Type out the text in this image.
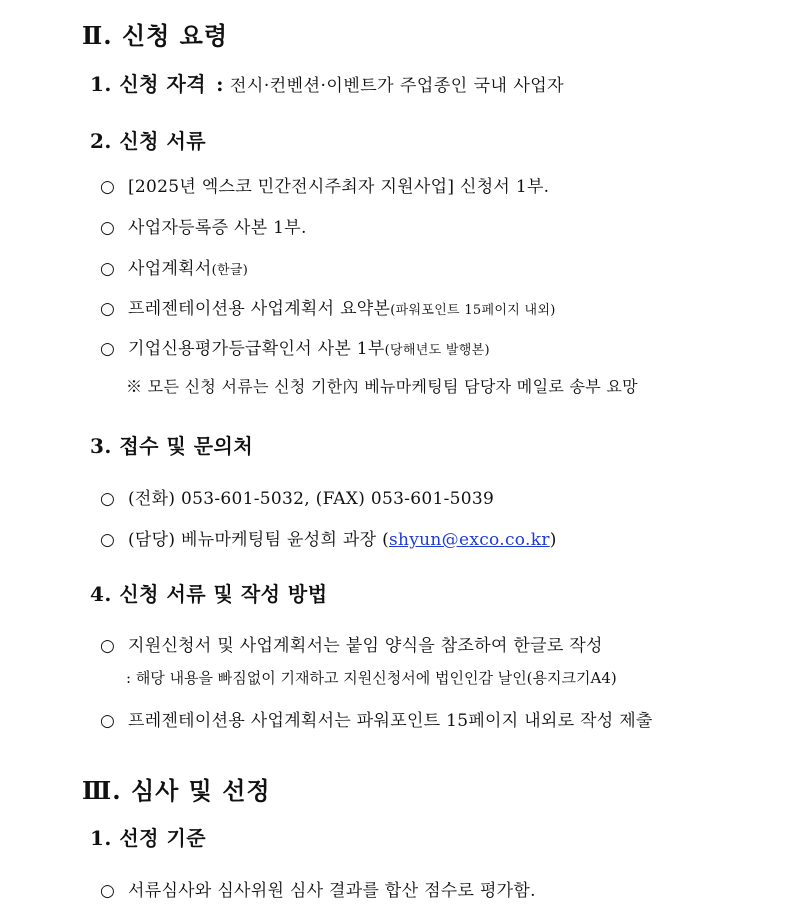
Ⅱ. 신청 요령
1. 신청 자격 : 전시·컨벤션·이벤트가 주업종인 국내 사업자
2. 신청 서류
○ [2025년 엑스코 민간전시주최자 지원사업] 신청서 1부.
○ 사업자등록증 사본 1부.
○ 사업계획서(한글)
○ 프레젠테이션용 사업계획서 요약본(파워포인트 15페이지 내외)
○ 기업신용평가등급확인서 사본 1부(당해년도 발행본)
※ 모든 신청 서류는 신청 기한內 베뉴마케팅팀 담당자 메일로 송부 요망
3. 접수 및 문의처
○ (전화) 053-601-5032, (FAX) 053-601-5039
○ (담당) 베뉴마케팅팀 윤성희 과장 (shyun@exco.co.kr)
4. 신청 서류 및 작성 방법
○ 지원신청서 및 사업계획서는 붙임 양식을 참조하여 한글로 작성
: 해당 내용을 빠짐없이 기재하고 지원신청서에 법인인감 날인(용지크기A4)
○ 프레젠테이션용 사업계획서는 파워포인트 15페이지 내외로 작성 제출
Ⅲ. 심사 및 선정
1. 선정 기준
○ 서류심사와 심사위원 심사 결과를 합산 점수로 평가함.
